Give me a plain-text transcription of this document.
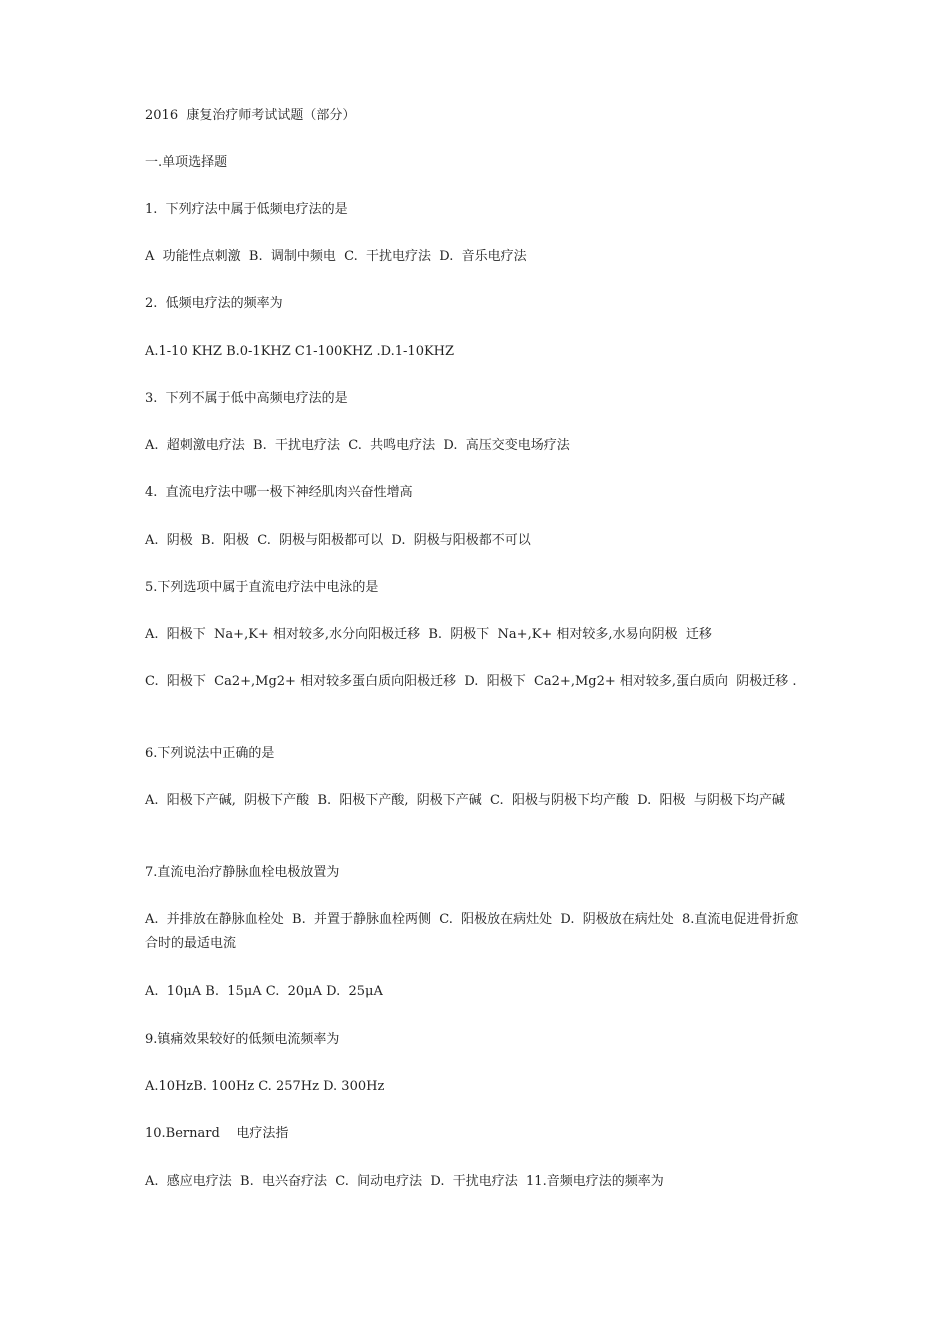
2016  康复治疗师考试试题（部分）
一.单项选择题
1.  下列疗法中属于低频电疗法的是
A  功能性点刺激  B.  调制中频电  C.  干扰电疗法  D.  音乐电疗法
2.  低频电疗法的频率为
A.1-10 KHZ B.0-1KHZ C1-100KHZ .D.1-10KHZ
3.  下列不属于低中高频电疗法的是
A.  超刺激电疗法  B.  干扰电疗法  C.  共鸣电疗法  D.  高压交变电场疗法
4.  直流电疗法中哪一极下神经肌肉兴奋性增高
A.  阴极  B.  阳极  C.  阴极与阳极都可以  D.  阴极与阳极都不可以
5.下列选项中属于直流电疗法中电泳的是
A.  阳极下  Na+,K+ 相对较多,水分向阳极迁移  B.  阴极下  Na+,K+ 相对较多,水易向阴极  迁移
C.  阳极下  Ca2+,Mg2+ 相对较多蛋白质向阳极迁移  D.  阳极下  Ca2+,Mg2+ 相对较多,蛋白质向  阴极迁移 .
6.下列说法中正确的是
A.  阳极下产碱,  阴极下产酸  B.  阳极下产酸,  阴极下产碱  C.  阳极与阴极下均产酸  D.  阳极  与阴极下均产碱
7.直流电治疗静脉血栓电极放置为
A.  并排放在静脉血栓处  B.  并置于静脉血栓两侧  C.  阳极放在病灶处  D.  阴极放在病灶处  8.直流电促进骨折愈合时的最适电流
A.  10μA B.  15μA C.  20μA D.  25μA
9.镇痛效果较好的低频电流频率为
A.10HzB. 100Hz C. 257Hz D. 300Hz
10.Bernard    电疗法指
A.  感应电疗法  B.  电兴奋疗法  C.  间动电疗法  D.  干扰电疗法  11.音频电疗法的频率为
